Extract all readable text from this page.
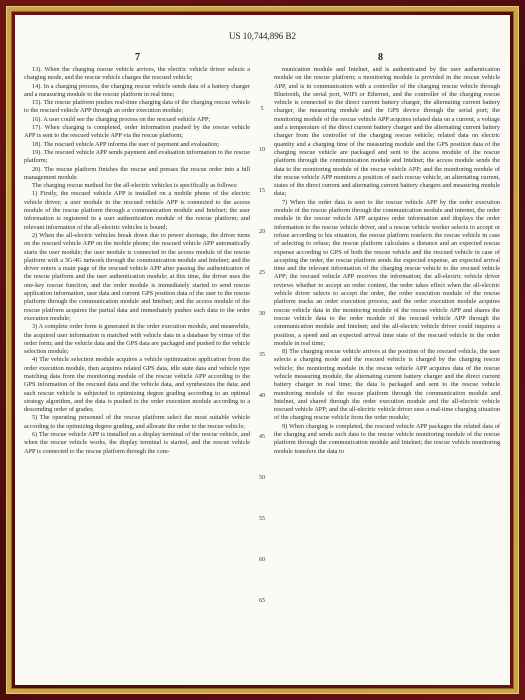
US 10,744,896 B2
7	8

13). When the charging rescue vehicle arrives, the electric vehicle driver selects a charging mode, and the rescue vehicle charges the rescued vehicle;

14). In a charging process, the charging rescue vehicle sends data of a battery charger and a measuring module to the rescue platform in real time;

15). The rescue platform pushes real-time charging data of the charging rescue vehicle to the rescued vehicle APP through an order execution module;

16). A user could see the charging process on the rescued vehicle APP;

17). When charging is completed, order information pushed by the rescue vehicle APP is sent to the rescued vehicle APP via the rescue platform;

18). The rescued vehicle APP informs the user of payment and evaluation;

19). The rescued vehicle APP sends payment and evaluation information to the rescue platform;

20). The rescue platform finishes the rescue and presses the rescue order into a bill management module.

The charging rescue method for the all-electric vehicles is specifically as follows:

1) Firstly, the rescued vehicle APP is installed on a mobile phone of the electric vehicle driver; a user module in the rescued vehicle APP is connected to the access module of the rescue platform through a communication module and Intelnet; the user information is registered in a user authentication module of the rescue platform; and relevant information of the all-electric vehicles is bound;

2) When the all-electric vehicles break down due to power shortage, the driver turns on the rescued vehicle APP on the mobile phone; the rescued vehicle APP automatically starts the user module; the user module is connected to the access module of the rescue platform with a 3G/4G network through the communication module and Intelnet; and the driver enters a main page of the rescued vehicle APP after passing the authentication of the rescue platform and the user authentication module; at this time, the driver uses the one-key rescue function, and the order module is immediately started to send rescue application information, user data and current GPS position data of the user to the rescue platform through the communication module and Intelnet; and the access module of the rescue platform acquires the partial data and immediately pushes such data to the order execution module;

3) A complete order form is generated in the order execution module, and meanwhile, the acquired user information is matched with vehicle data in a database by virtue of the order form; and the vehicle data and the GPS data are packaged and pushed to the vehicle selection module;

4) The vehicle selection module acquires a vehicle optimization application from the order execution module, then acquires related GPS data, idle state data and vehicle type matching data from the monitoring module of the rescue vehicle APP according to the GPS information of the rescued data and the vehicle data, and synthesizes the data; and each rescue vehicle is subjected to optimizing degree grading according to an optimal strategy algorithm, and the data is pushed to the order execution module according to a descending order of grades;

5) The operating personnel of the rescue platform select the most suitable vehicle according to the optimizing degree grading, and allocate the order to the rescue vehicle;

6) The rescue vehicle APP is installed on a display terminal of the rescue vehicle, and when the rescue vehicle works, the display terminal is started, and the rescue vehicle APP is connected to the rescue platform through the com-

5
10
15
20
25
30
35
40
45
50
55
60
65

munication module and Intelnet, and is authenticated by the user authentication module on the rescue platform; a monitoring module is provided in the rescue vehicle APP, and is in communication with a controller of the charging rescue vehicle through Bluetooth, the serial port, WIFI or Ethernet, and the controller of the charging rescue vehicle is connected to the direct current battery charger, the alternating current battery charger, the measuring module and the GPS device through the serial port; the monitoring module of the rescue vehicle APP acquires related data on a current, a voltage and a temperature of the direct current battery charger and the alternating current battery charger from the controller of the charging rescue vehicle; related data on electric quantity and a charging time of the measuring module and the GPS position data of the charging rescue vehicle are packaged and sent to the access module of the rescue platform through the communication module and Intelnet; the access module sends the data to the monitoring module of the rescue vehicle APP; and the monitoring module of the rescue vehicle APP monitors a position of each rescue vehicle, an alternating current, states of the direct current and alternating current battery chargers and measuring module data;

7) When the order data is sent to the rescue vehicle APP by the order execution module of the rescue platform through the communication module and internet, the order module in the rescue vehicle APP acquires order information and displays the order information to the rescue vehicle driver, and a rescue vehicle worker selects to accept or refuse according to his situation, the rescue platform reselects the rescue vehicle in case of selecting to refuse; the rescue platform calculates a distance and an expected rescue expense according to GPS of both the rescue vehicle and the rescued vehicle in case of accepting the order, the rescue platform sends the expected expense, an expected arrival time and the relevant information of the charging rescue vehicle to the rescued vehicle APP; the rescued vehicle APP receives the information; the all-electric vehicle driver reviews whether to accept an order content, the order takes effect when the all-electric vehicle driver selects to accept the order, the order execution module of the rescue platform tracks an order execution process; and the order execution module acquires rescue vehicle data in the monitoring module of the rescue vehicle APP and shares the rescue vehicle data to the order module of the rescued vehicle APP through the communication module and Intelnet; and the all-electric vehicle driver could inquires a position, a speed and an expected arrival time state of the rescued vehicle in the order module in real time;

8) The charging rescue vehicle arrives at the position of the rescued vehicle, the user selects a charging mode and the rescued vehicle is charged by the charging rescue vehicle; the monitoring module in the rescue vehicle APP acquires data of the rescue vehicle measuring module, the alternating current battery charger and the direct current battery charger in real time; the data is packaged and sent to the rescue vehicle monitoring module of the rescue platform through the communication module and Intelnet, and shared through the order execution module and the all-electric vehicle rescued vehicle APP; and the all-electric vehicle driver sees a real-time charging situation of the charging rescue vehicle from the order module;

9) When charging is completed, the rescued vehicle APP packages the related data of the charging and sends such data to the rescue vehicle monitoring module of the rescue platform through the communication module and Intelnet; the rescue vehicle monitoring module transfers the data to
